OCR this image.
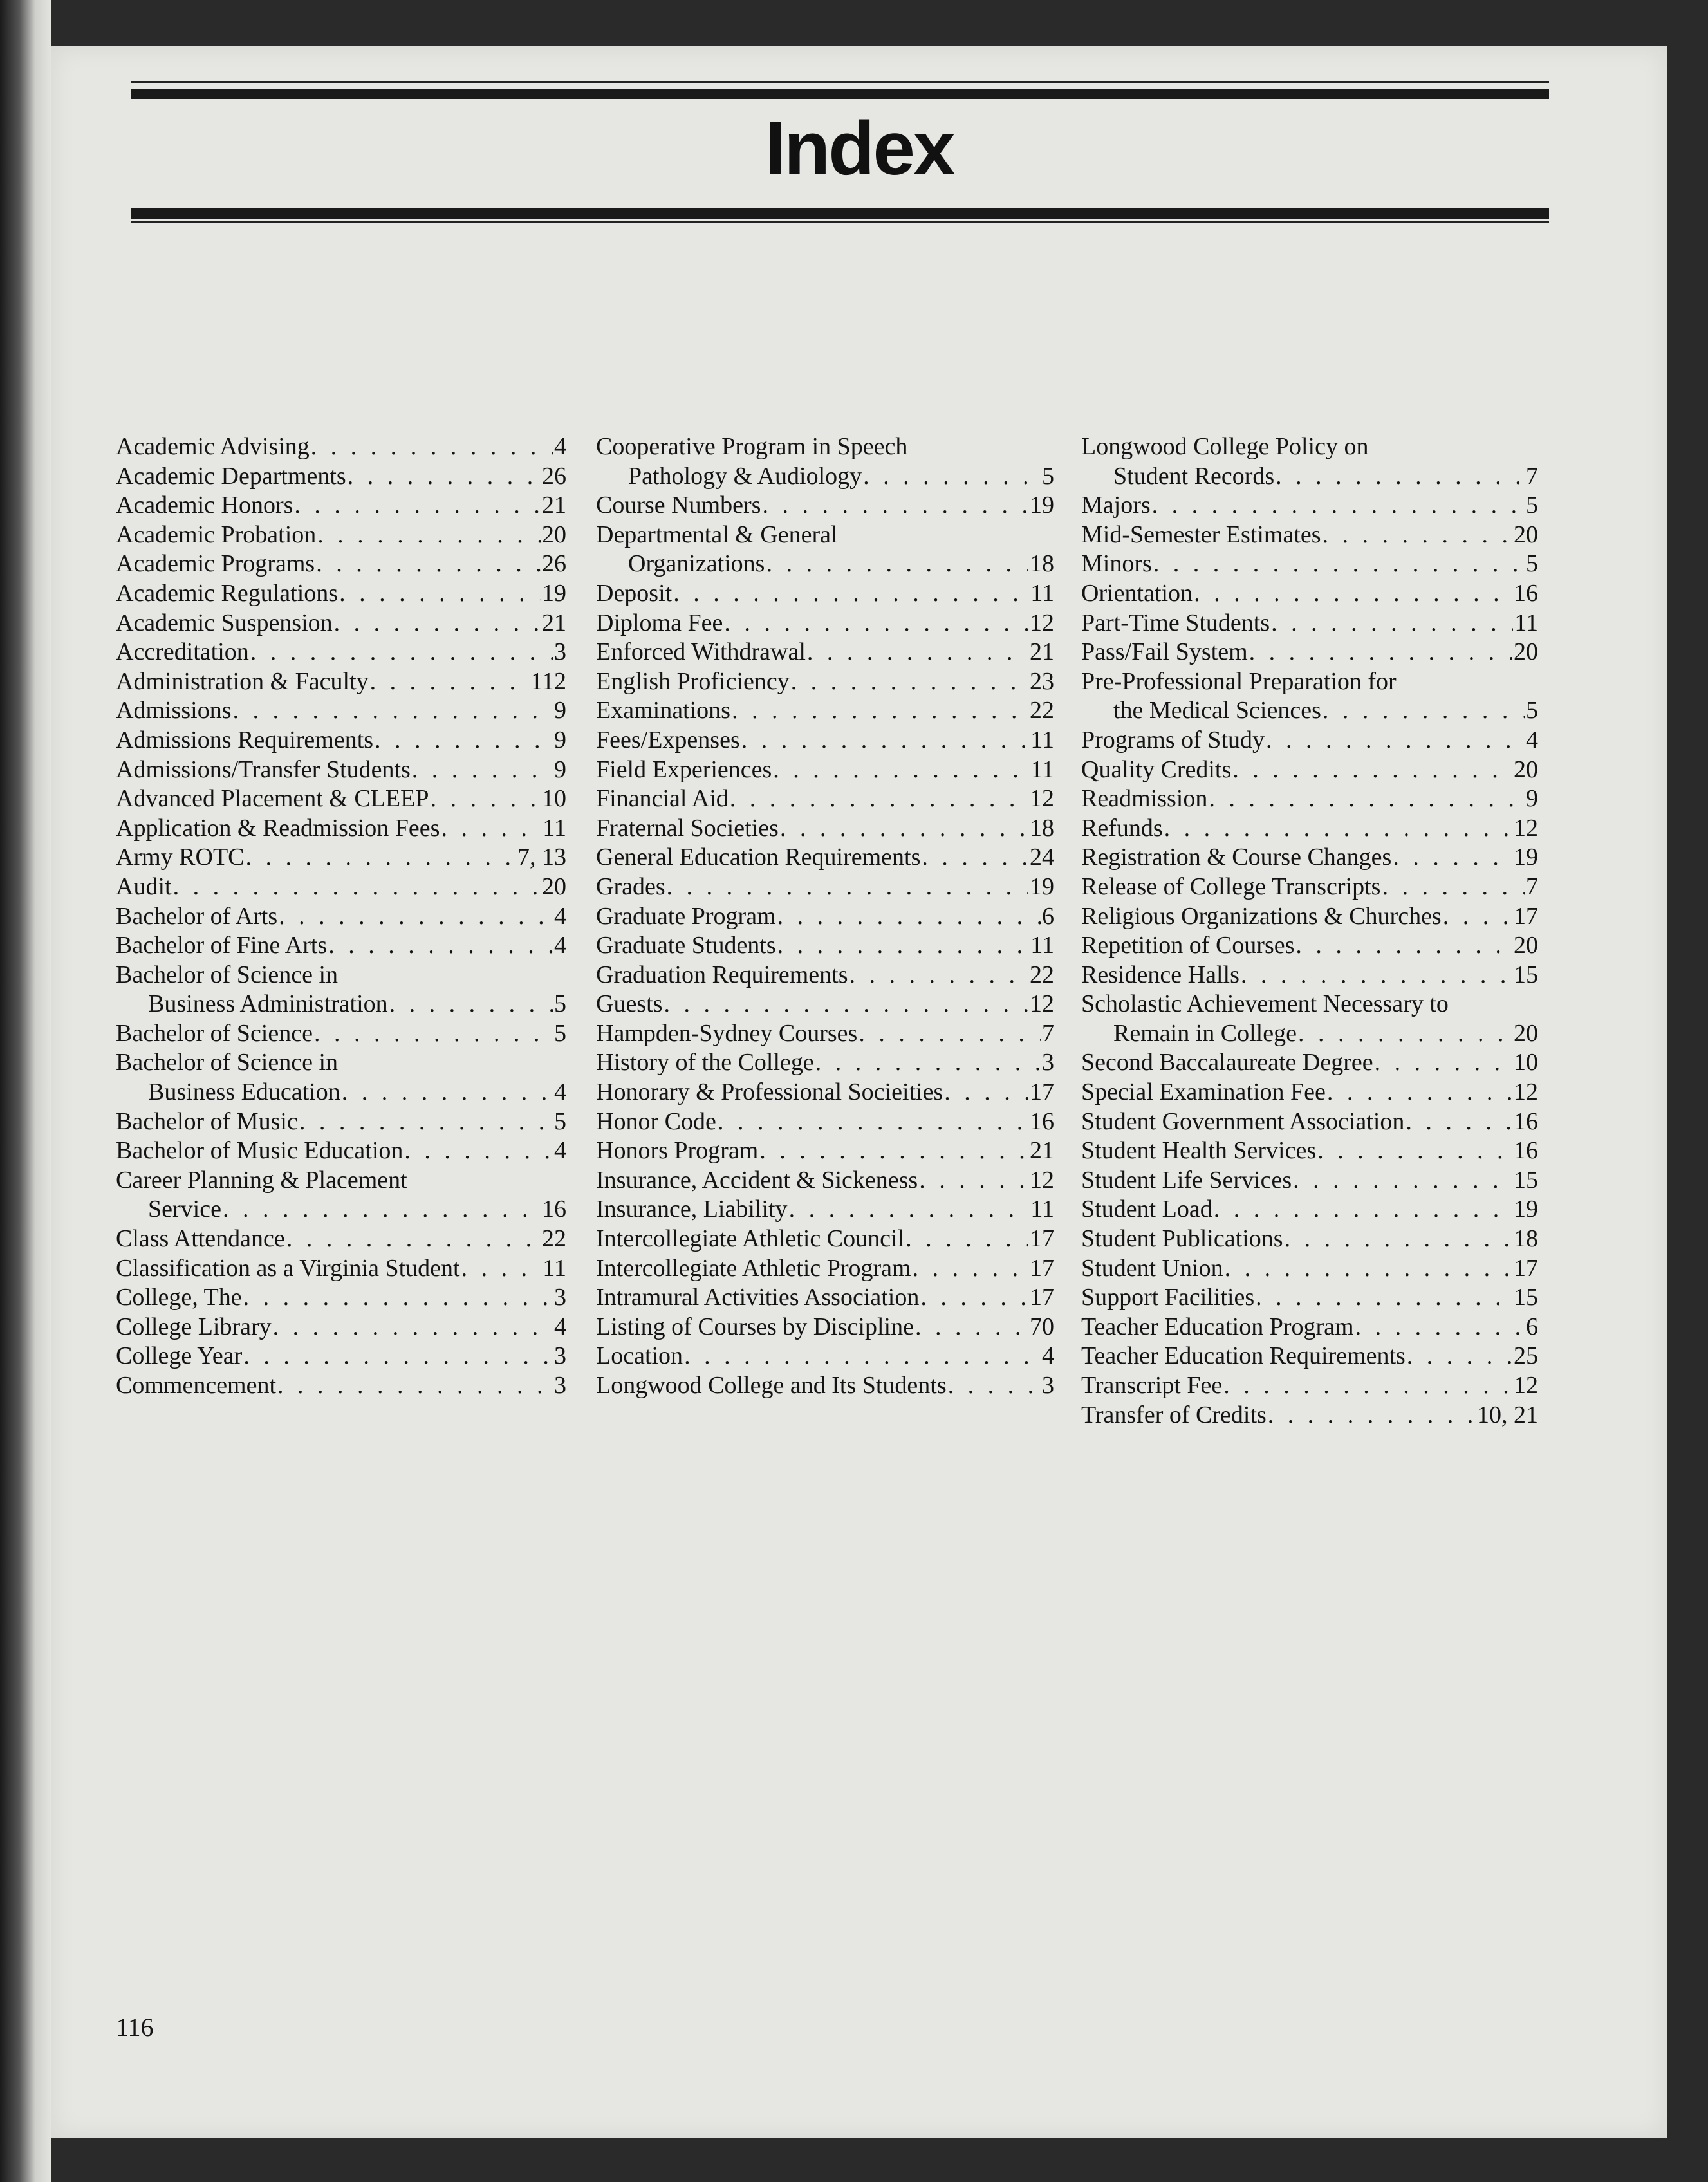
Index
Academic Advising . . .	4
Academic Departments . . .	26
Academic Honors . . .	21
Academic Probation . . .	20
Academic Programs . . .	26
Academic Regulations . . .	19
Academic Suspension . . .	21
Accreditation . . .	3
Administration & Faculty . . .	112
Admissions . . .	9
Admissions Requirements . . .	9
Admissions/Transfer Students . . .	9
Advanced Placement & CLEEP . . .	10
Application & Readmission Fees . . .	11
Army ROTC . . .	7, 13
Audit . . .	20
Bachelor of Arts . . .	4
Bachelor of Fine Arts . . .	4
Bachelor of Science in
Business Administration . . .	5
Bachelor of Science . . .	5
Bachelor of Science in
Business Education . . .	4
Bachelor of Music . . .	5
Bachelor of Music Education . . .	4
Career Planning & Placement
Service . . .	16
Class Attendance . . .	22
Classification as a Virginia Student . . .	11
College, The . . .	3
College Library . . .	4
College Year . . .	3
Commencement . . .	3
Cooperative Program in Speech
Pathology & Audiology . . .	5
Course Numbers . . .	19
Departmental & General
Organizations . . .	18
Deposit . . .	11
Diploma Fee . . .	12
Enforced Withdrawal . . .	21
English Proficiency . . .	23
Examinations . . .	22
Fees/Expenses . . .	11
Field Experiences . . .	11
Financial Aid . . .	12
Fraternal Societies . . .	18
General Education Requirements . . .	24
Grades . . .	19
Graduate Program . . .	6
Graduate Students . . .	11
Graduation Requirements . . .	22
Guests . . .	12
Hampden-Sydney Courses . . .	7
History of the College . . .	3
Honorary & Professional Socieities . . .	17
Honor Code . . .	16
Honors Program . . .	21
Insurance, Accident & Sickeness . . .	12
Insurance, Liability . . .	11
Intercollegiate Athletic Council . . .	17
Intercollegiate Athletic Program . . .	17
Intramural Activities Association . . .	17
Listing of Courses by Discipline . . .	70
Location . . .	4
Longwood College and Its Students . . .	3
Longwood College Policy on
Student Records . . .	7
Majors . . .	5
Mid-Semester Estimates . . .	20
Minors . . .	5
Orientation . . .	16
Part-Time Students . . .	11
Pass/Fail System . . .	20
Pre-Professional Preparation for
the Medical Sciences . . .	5
Programs of Study . . .	4
Quality Credits . . .	20
Readmission . . .	9
Refunds . . .	12
Registration & Course Changes . . .	19
Release of College Transcripts . . .	7
Religious Organizations & Churches . . .	17
Repetition of Courses . . .	20
Residence Halls . . .	15
Scholastic Achievement Necessary to
Remain in College . . .	20
Second Baccalaureate Degree . . .	10
Special Examination Fee . . .	12
Student Government Association . . .	16
Student Health Services . . .	16
Student Life Services . . .	15
Student Load . . .	19
Student Publications . . .	18
Student Union . . .	17
Support Facilities . . .	15
Teacher Education Program . . .	6
Teacher Education Requirements . . .	25
Transcript Fee . . .	12
Transfer of Credits . . .	10, 21
116
